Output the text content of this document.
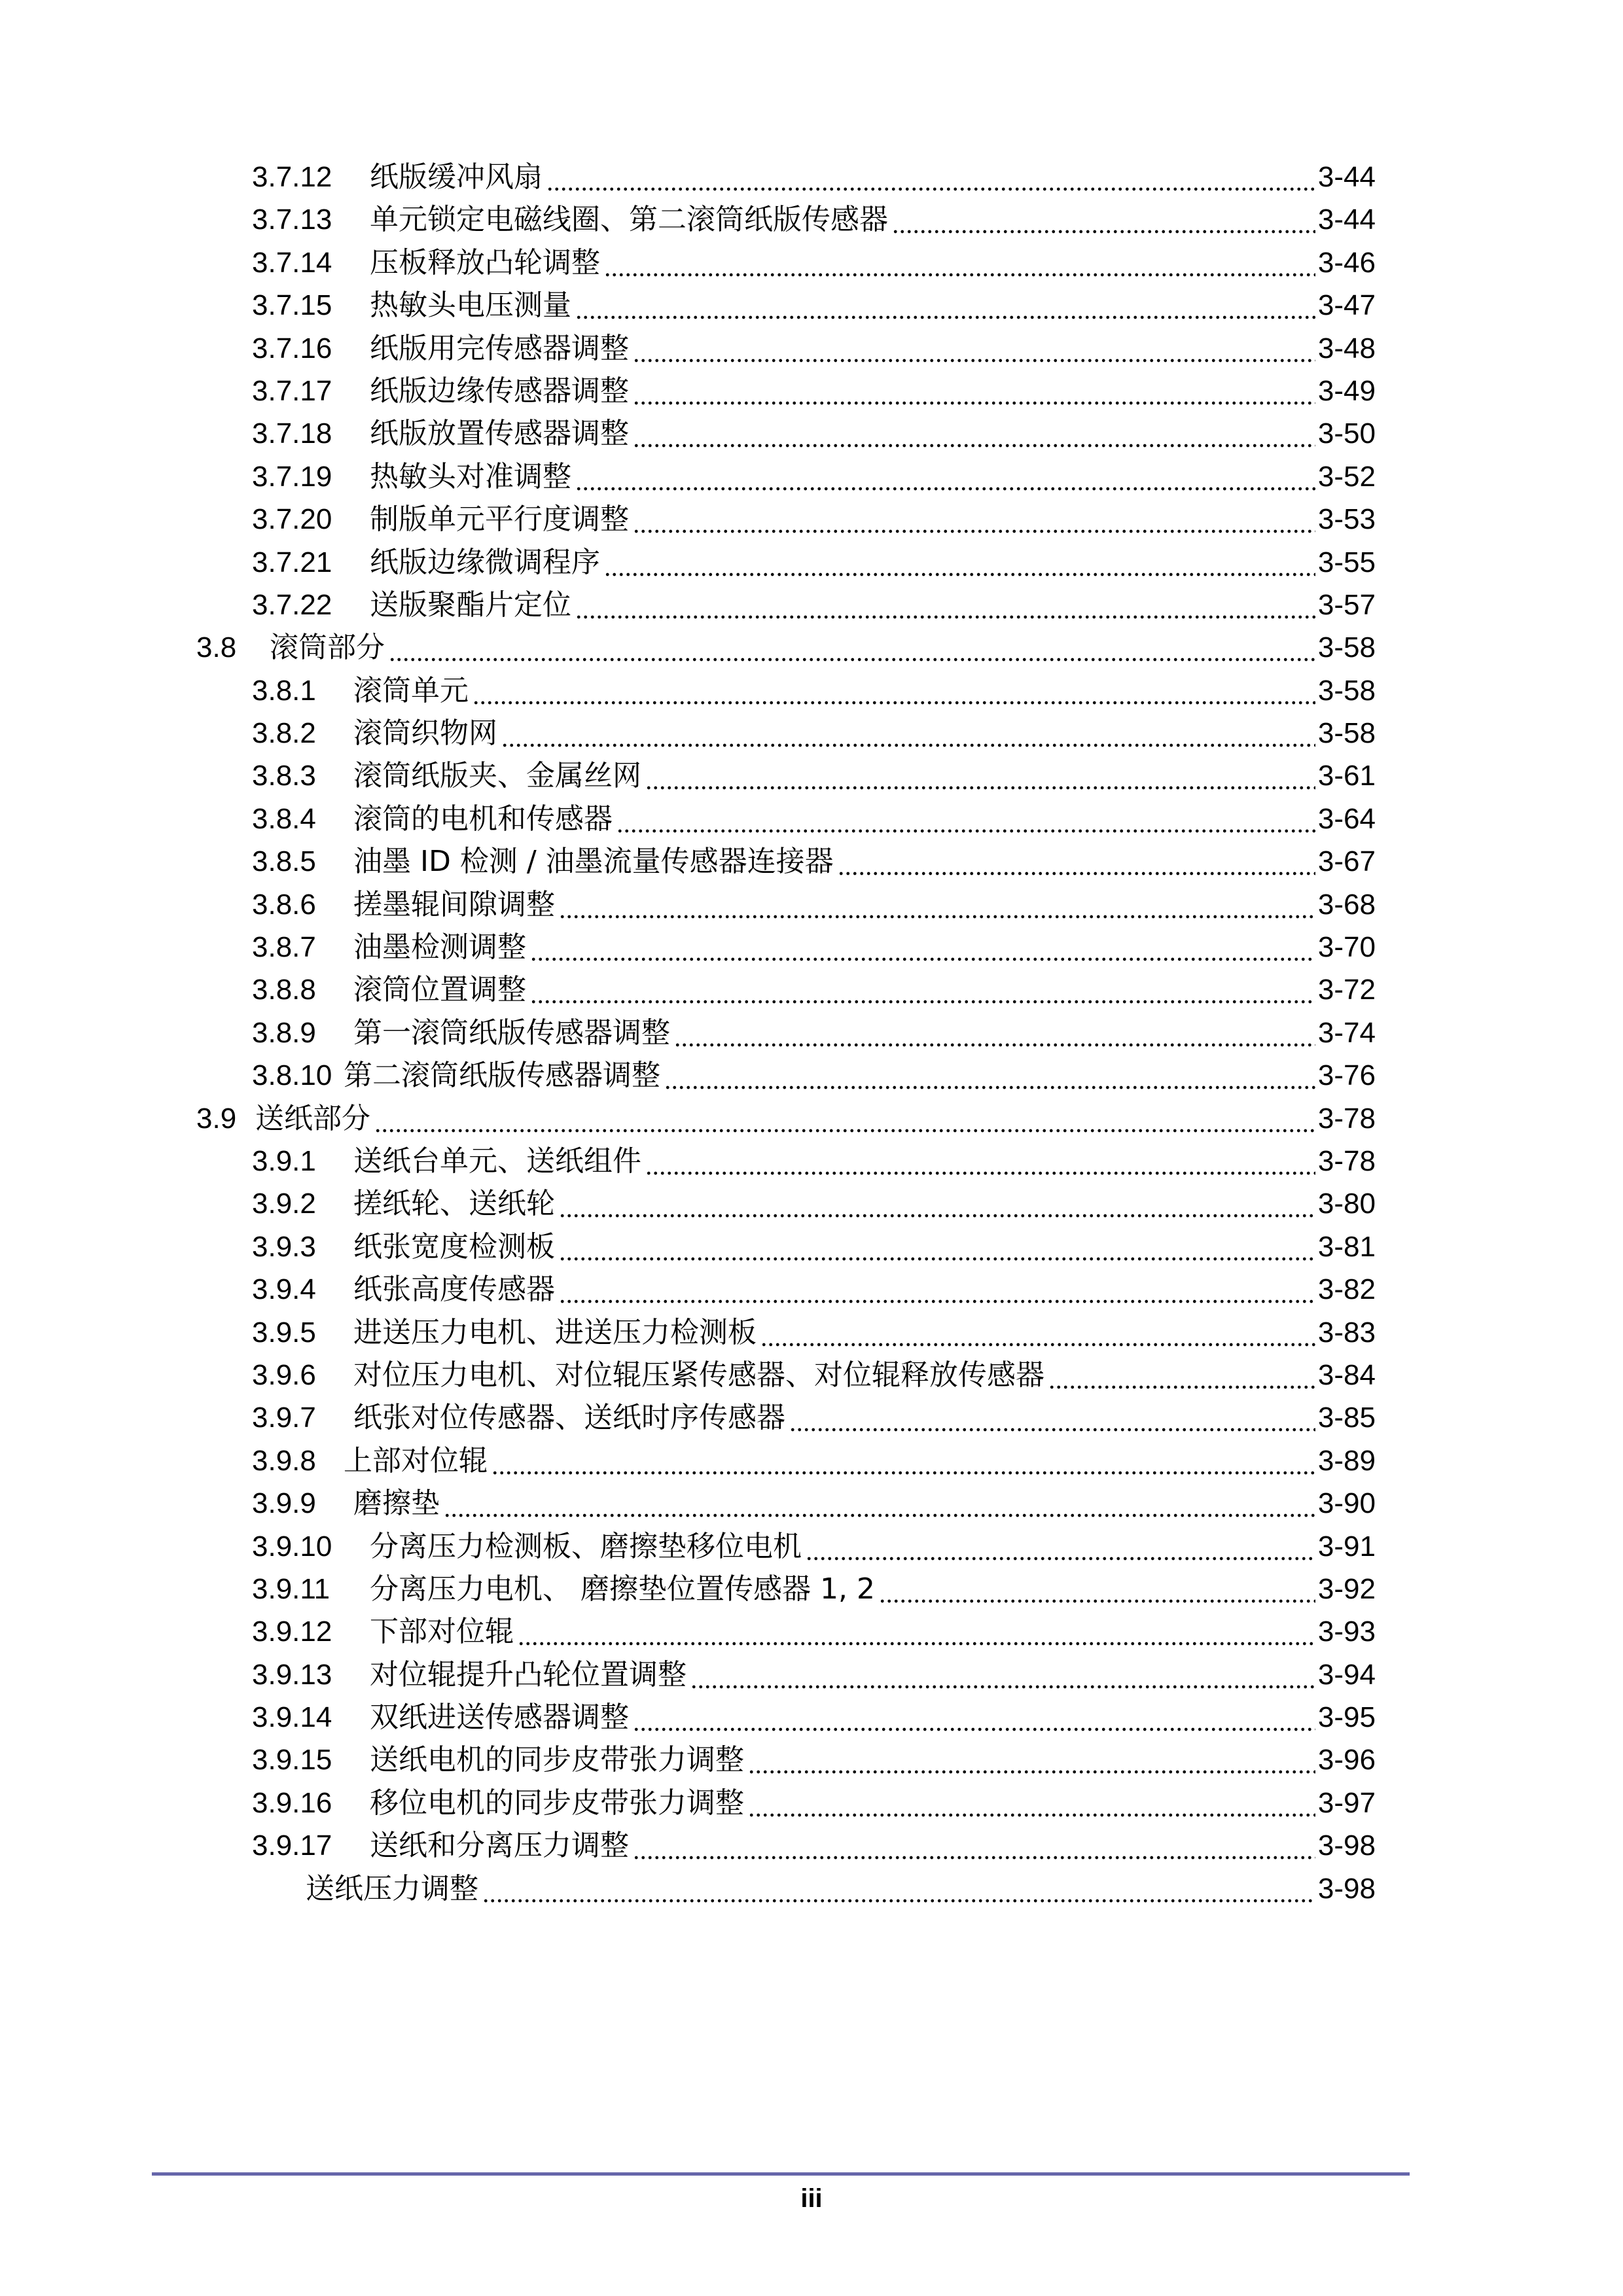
3.7.12	纸版缓冲风扇	3-44
3.7.13	单元锁定电磁线圈、第二滚筒纸版传感器	3-44
3.7.14	压板释放凸轮调整	3-46
3.7.15	热敏头电压测量	3-47
3.7.16	纸版用完传感器调整	3-48
3.7.17	纸版边缘传感器调整	3-49
3.7.18	纸版放置传感器调整	3-50
3.7.19	热敏头对准调整	3-52
3.7.20	制版单元平行度调整	3-53
3.7.21	纸版边缘微调程序	3-55
3.7.22	送版聚酯片定位	3-57
3.8	滚筒部分	3-58
3.8.1	滚筒单元	3-58
3.8.2	滚筒织物网	3-58
3.8.3	滚筒纸版夹、金属丝网	3-61
3.8.4	滚筒的电机和传感器	3-64
3.8.5	油墨 ID 检测 / 油墨流量传感器连接器	3-67
3.8.6	搓墨辊间隙调整	3-68
3.8.7	油墨检测调整	3-70
3.8.8	滚筒位置调整	3-72
3.8.9	第一滚筒纸版传感器调整	3-74
3.8.10 第二滚筒纸版传感器调整	3-76
3.9 送纸部分	3-78
3.9.1	送纸台单元、送纸组件	3-78
3.9.2	搓纸轮、送纸轮	3-80
3.9.3	纸张宽度检测板	3-81
3.9.4	纸张高度传感器	3-82
3.9.5	进送压力电机、进送压力检测板	3-83
3.9.6	对位压力电机、对位辊压紧传感器、对位辊释放传感器	3-84
3.9.7	纸张对位传感器、送纸时序传感器	3-85
3.9.8 上部对位辊	3-89
3.9.9	磨擦垫	3-90
3.9.10	分离压力检测板、磨擦垫移位电机	3-91
3.9.11	分离压力电机、 磨擦垫位置传感器 1, 2	3-92
3.9.12	下部对位辊	3-93
3.9.13	对位辊提升凸轮位置调整	3-94
3.9.14	双纸进送传感器调整	3-95
3.9.15	送纸电机的同步皮带张力调整	3-96
3.9.16	移位电机的同步皮带张力调整	3-97
3.9.17	送纸和分离压力调整	3-98
送纸压力调整	3-98
iii
